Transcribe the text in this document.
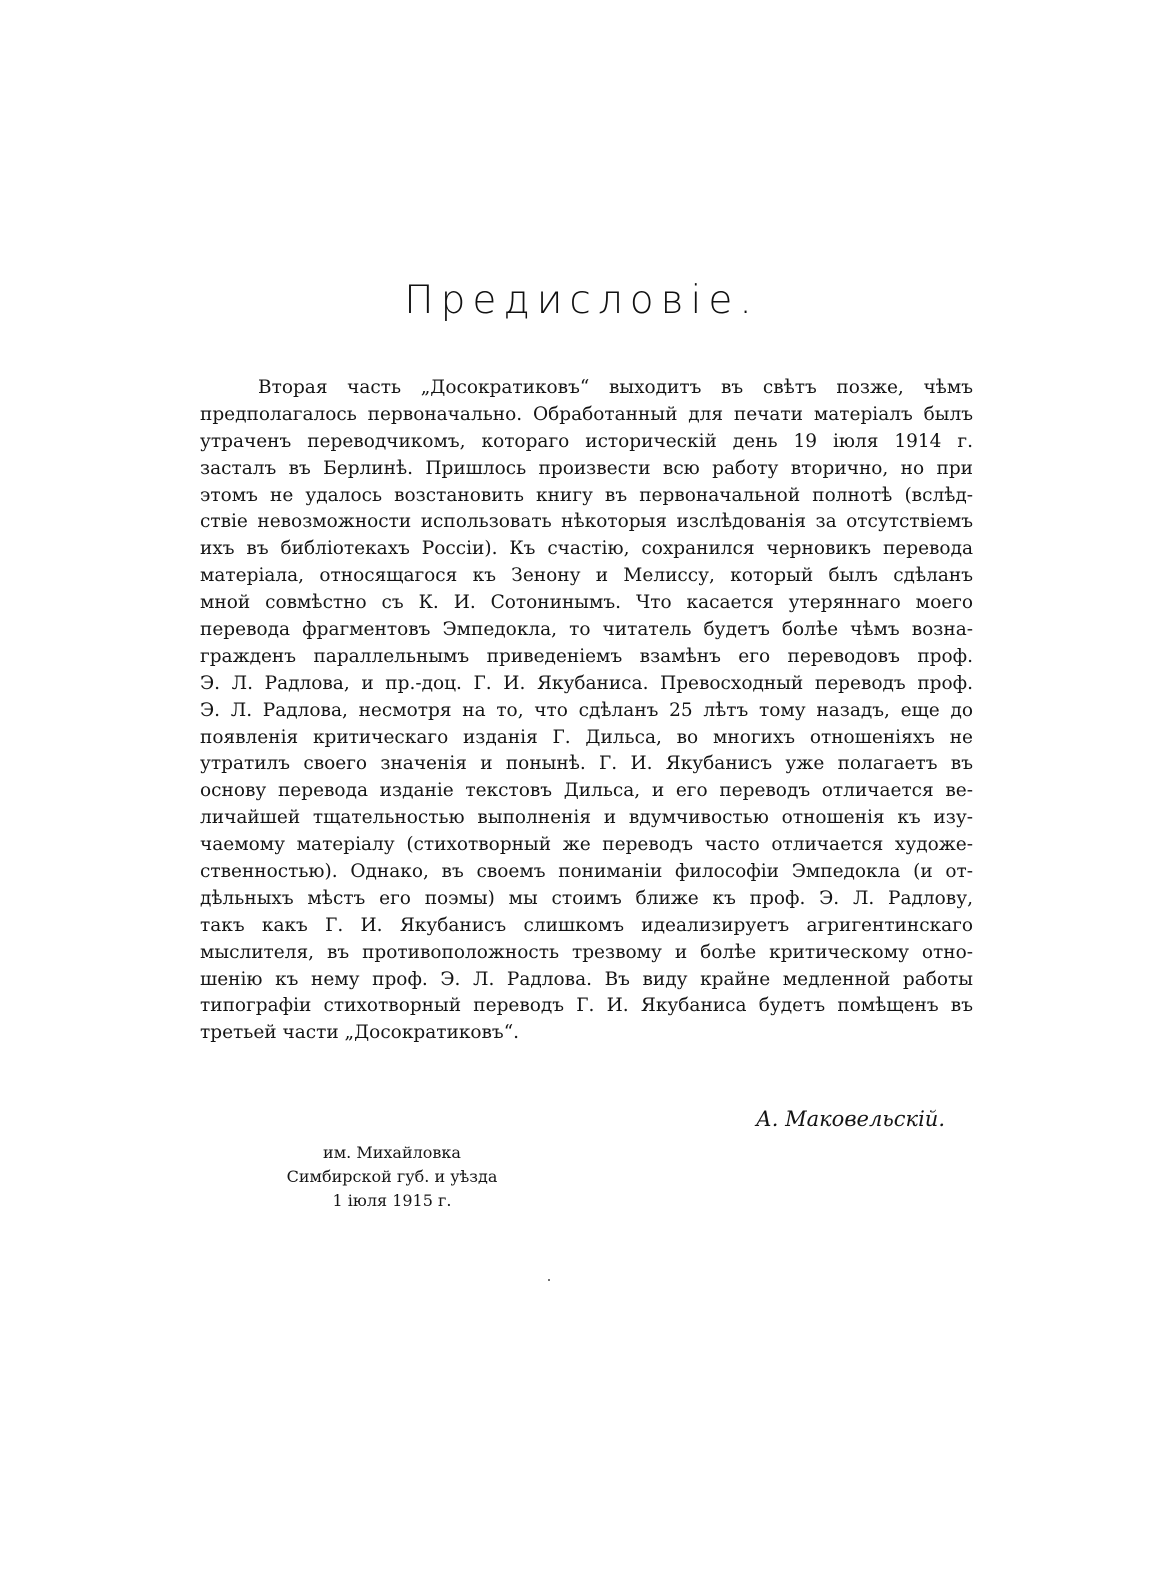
Предисловіе.
Вторая часть „Досократиковъ“ выходитъ въ свѣтъ позже, чѣмъ
предполагалось первоначально. Обработанный для печати матеріалъ былъ
утраченъ переводчикомъ, котораго историческій день 19 іюля 1914 г.
засталъ въ Берлинѣ. Пришлось произвести всю работу вторично, но при
этомъ не удалось возстановить книгу въ первоначальной полнотѣ (вслѣд-
ствіе невозможности использовать нѣкоторыя изслѣдованія за отсутствіемъ
ихъ въ библіотекахъ Россіи). Къ счастію, сохранился черновикъ перевода
матеріала, относящагося къ Зенону и Мелиссу, который былъ сдѣланъ
мной совмѣстно съ К. И. Сотонинымъ. Что касается утеряннаго моего
перевода фрагментовъ Эмпедокла, то читатель будетъ болѣе чѣмъ возна-
гражденъ параллельнымъ приведеніемъ взамѣнъ его переводовъ проф.
Э. Л. Радлова, и пр.-доц. Г. И. Якубаниса. Превосходный переводъ проф.
Э. Л. Радлова, несмотря на то, что сдѣланъ 25 лѣтъ тому назадъ, еще до
появленія критическаго изданія Г. Дильса, во многихъ отношеніяхъ не
утратилъ своего значенія и понынѣ. Г. И. Якубанисъ уже полагаетъ въ
основу перевода изданіе текстовъ Дильса, и его переводъ отличается ве-
личайшей тщательностью выполненія и вдумчивостью отношенія къ изу-
чаемому матеріалу (стихотворный же переводъ часто отличается художе-
ственностью). Однако, въ своемъ пониманіи философіи Эмпедокла (и от-
дѣльныхъ мѣстъ его поэмы) мы стоимъ ближе къ проф. Э. Л. Радлову,
такъ какъ Г. И. Якубанисъ слишкомъ идеализируетъ агригентинскаго
мыслителя, въ противоположность трезвому и болѣе критическому отно-
шенію къ нему проф. Э. Л. Радлова. Въ виду крайне медленной работы
типографіи стихотворный переводъ Г. И. Якубаниса будетъ помѣщенъ въ
третьей части „Досократиковъ“.

А. Маковельскій.

им. Михайловка
Симбирской губ. и уѣзда
1 іюля 1915 г.
